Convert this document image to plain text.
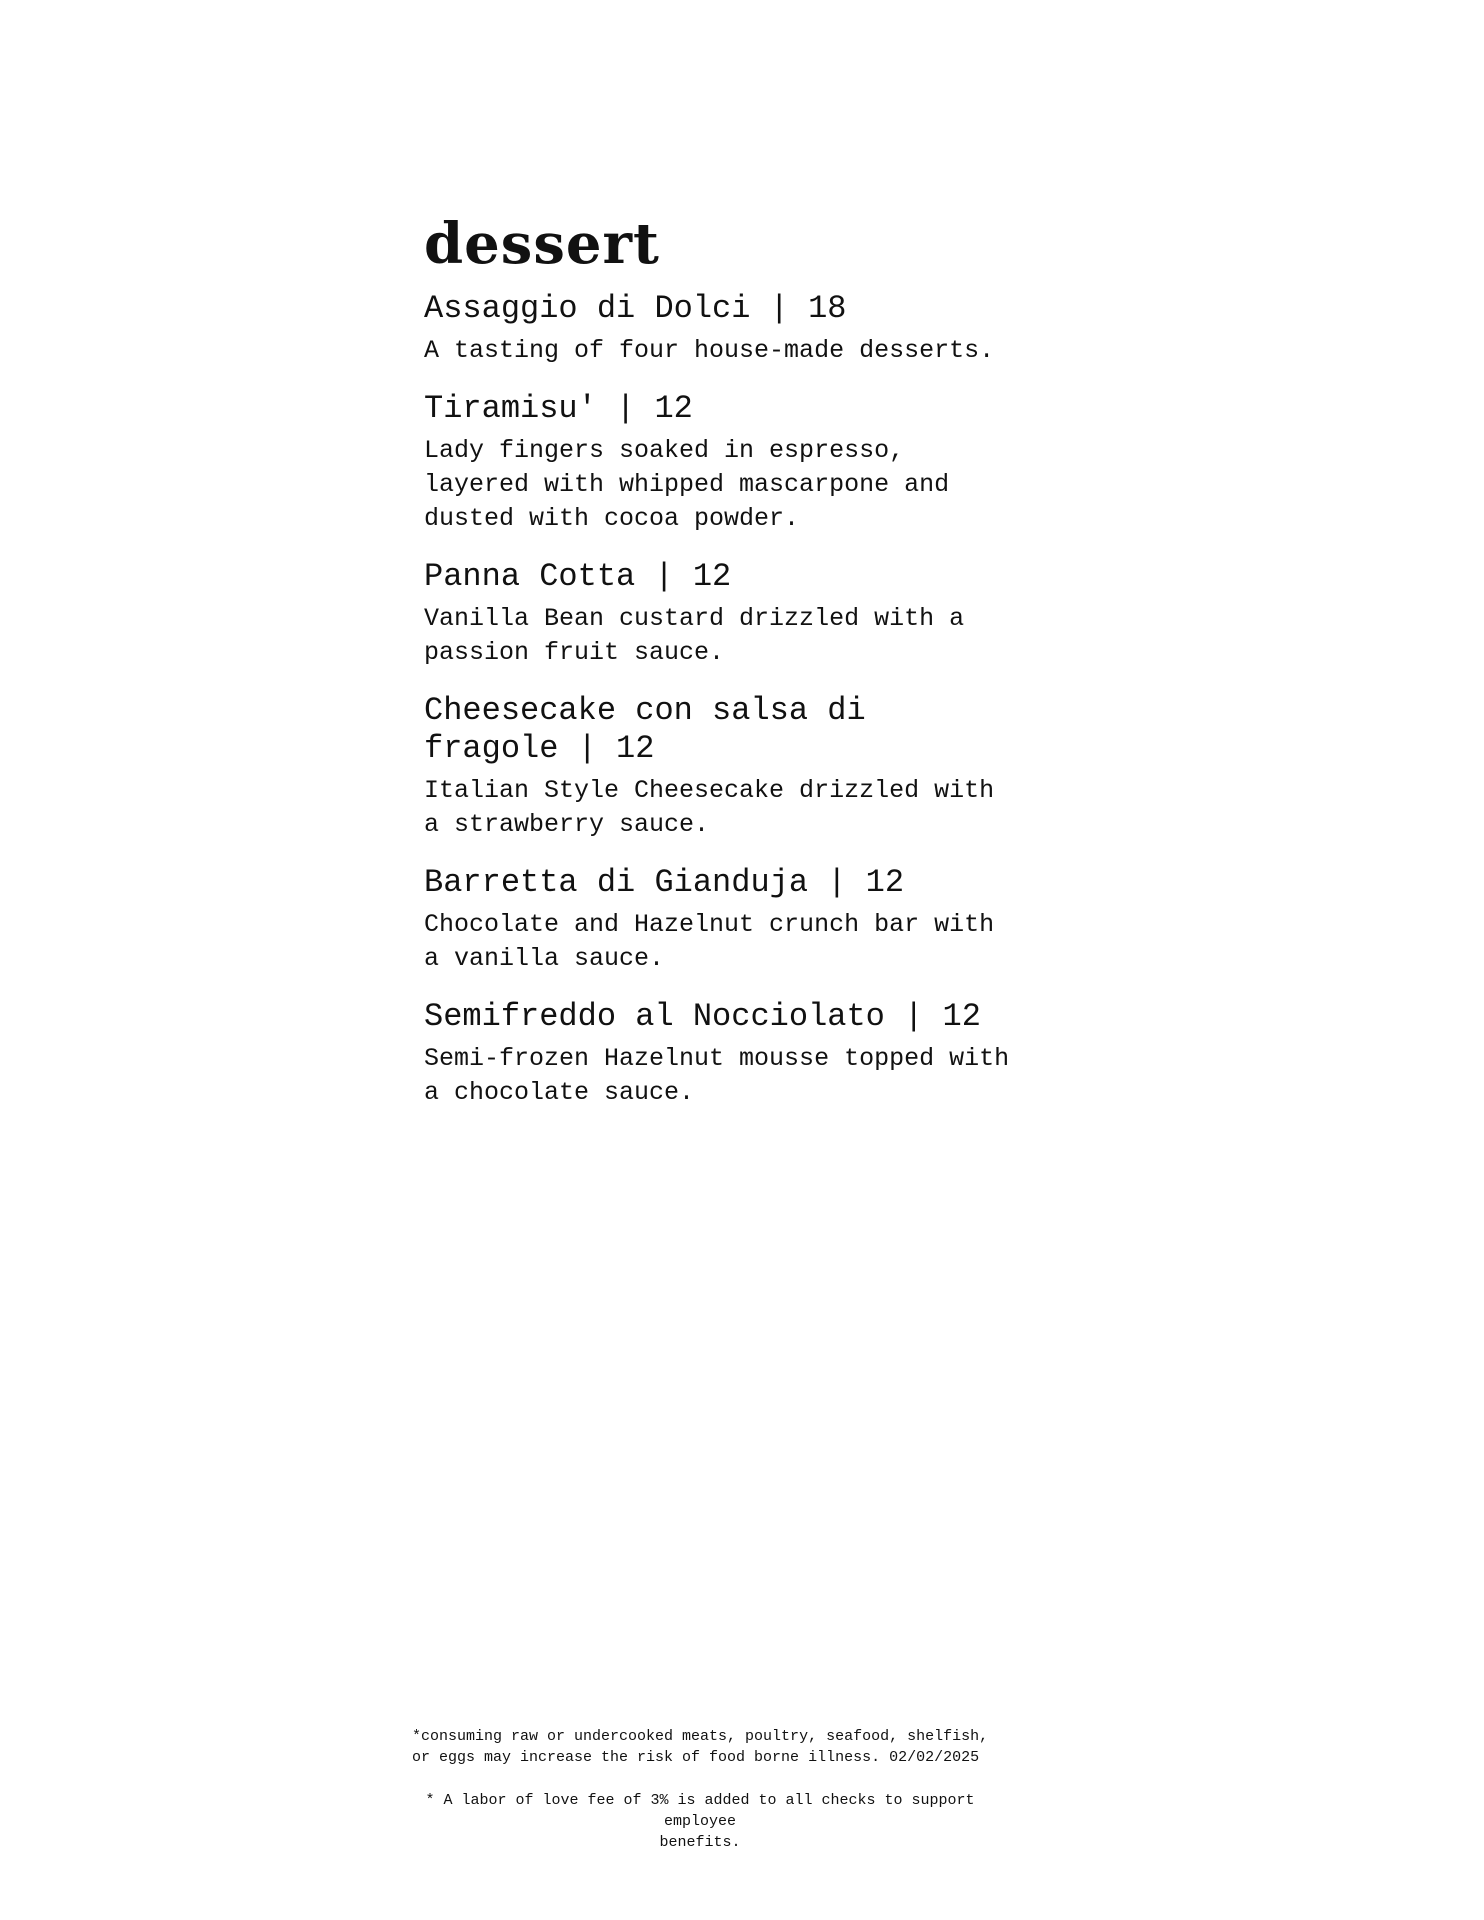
dessert

Assaggio di Dolci | 18

A tasting of four house-made desserts.

Tiramisu' | 12

Lady fingers soaked in espresso, layered with whipped mascarpone and dusted with cocoa powder.

Panna Cotta | 12

Vanilla Bean custard drizzled with a passion fruit sauce.

Cheesecake con salsa di fragole | 12

Italian Style Cheesecake drizzled with a strawberry sauce.

Barretta di Gianduja | 12

Chocolate and Hazelnut crunch bar with a vanilla sauce.

Semifreddo al Nocciolato | 12

Semi-frozen Hazelnut mousse topped with a chocolate sauce.

*consuming raw or undercooked meats, poultry, seafood, shelfish,
or eggs may increase the risk of food borne illness. 02/02/2025

* A labor of love fee of 3% is added to all checks to support employee
benefits.
